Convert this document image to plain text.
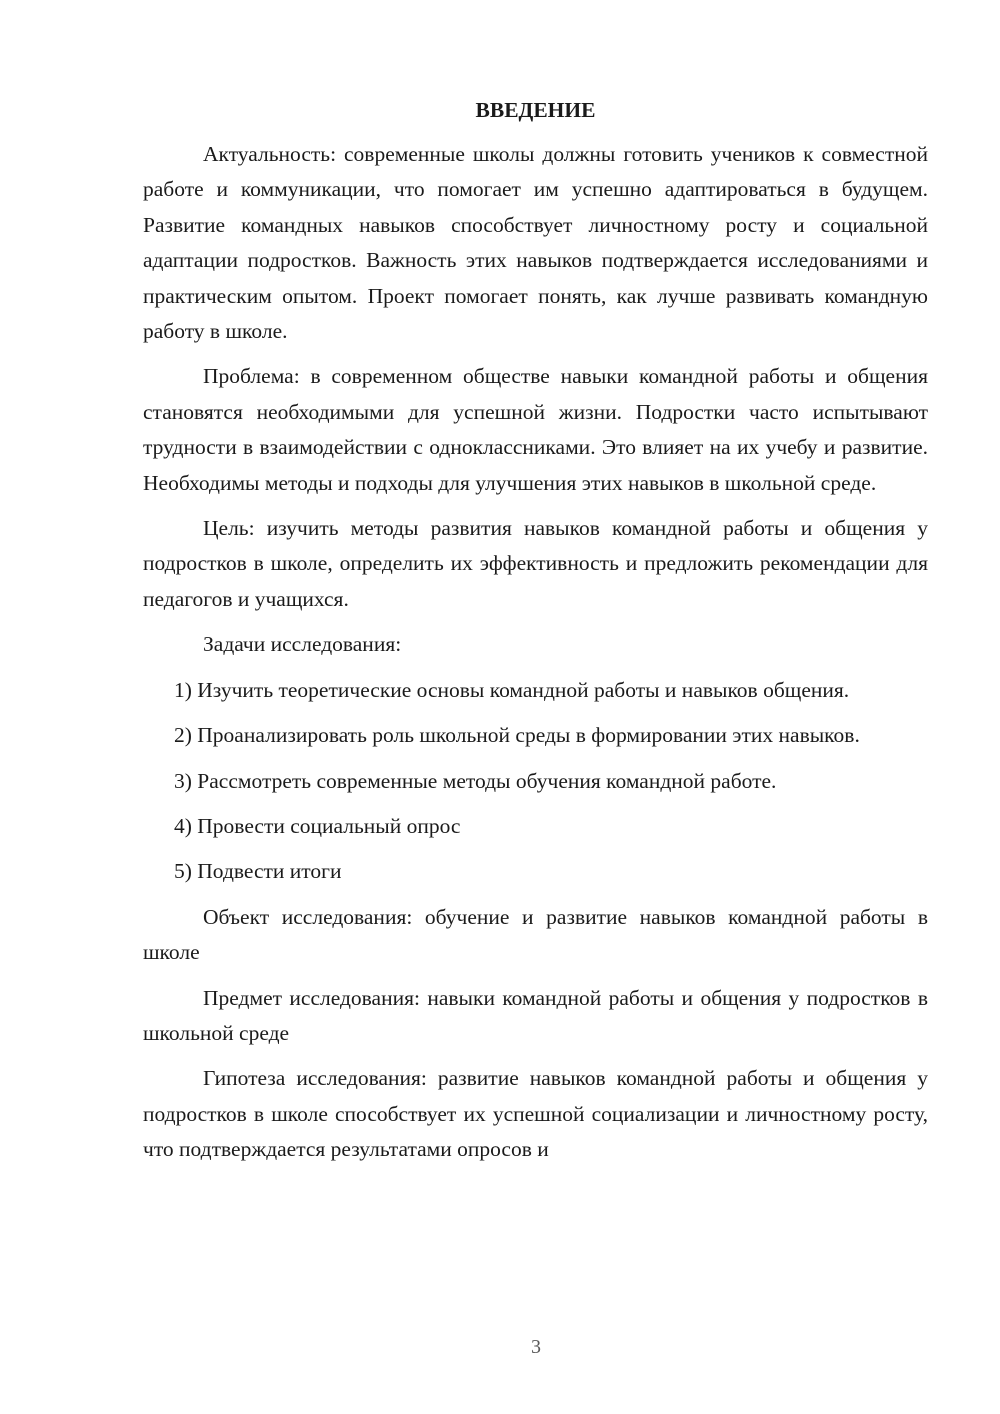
ВВЕДЕНИЕ

Актуальность: современные школы должны готовить учеников к совместной работе и коммуникации, что помогает им успешно адаптироваться в будущем. Развитие командных навыков способствует личностному росту и социальной адаптации подростков. Важность этих навыков подтверждается исследованиями и практическим опытом. Проект помогает понять, как лучше развивать командную работу в школе.

Проблема: в современном обществе навыки командной работы и общения становятся необходимыми для успешной жизни. Подростки часто испытывают трудности в взаимодействии с одноклассниками. Это влияет на их учебу и развитие. Необходимы методы и подходы для улучшения этих навыков в школьной среде.

Цель: изучить методы развития навыков командной работы и общения у подростков в школе, определить их эффективность и предложить рекомендации для педагогов и учащихся.

Задачи исследования:

1) Изучить теоретические основы командной работы и навыков общения.

2) Проанализировать роль школьной среды в формировании этих навыков.

3) Рассмотреть современные методы обучения командной работе.

4) Провести социальный опрос

5) Подвести итоги

Объект исследования: обучение и развитие навыков командной работы в школе

Предмет исследования: навыки командной работы и общения у подростков в школьной среде

Гипотеза исследования: развитие навыков командной работы и общения у подростков в школе способствует их успешной социализации и личностному росту, что подтверждается результатами опросов и

3
